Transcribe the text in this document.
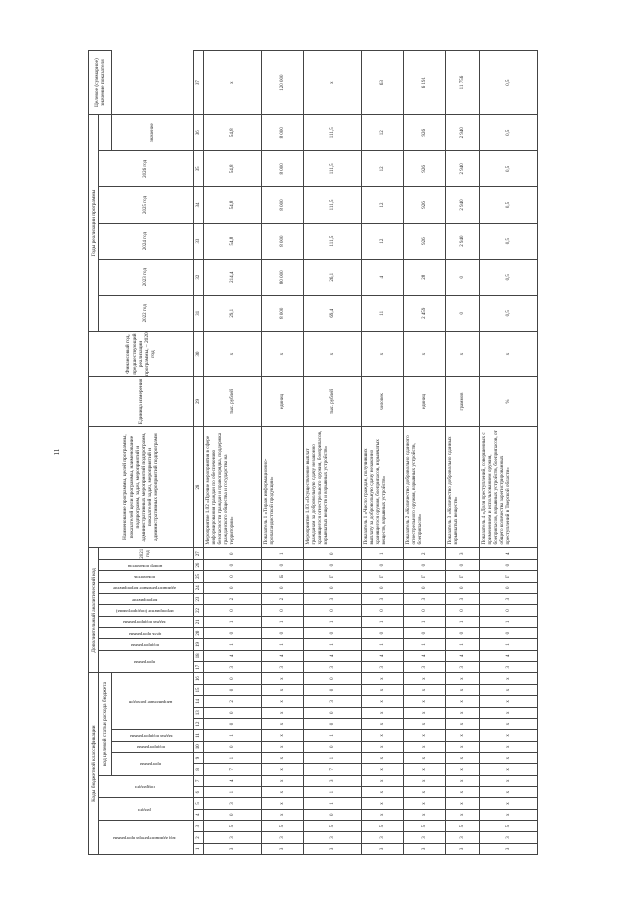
11
Коды бюджетной классификации																Дополнительный аналитический код											Наименование программы, целей программы, показателей цели программы, наименование подпрограмм, задач, мероприятий и административных мероприятий подпрограмм, показателей задач, мероприятий и административных мероприятий подпрограмм	Единица измерения	Финансовый год, предшествующий реализации программы, – 2020 год	Годы реализации программы						Целевое (суммарное) значение показателя
код администратора программы			раздел		подраздел		код целевой статьи расхода бюджета									программа		подпрограмма	цель программы	задача подпрограммы	мероприятие (подпрограмма)	мероприятие	административное мероприятие	показатель	номер показателя	2021 год				2022 год	2023 год	2024 год	2025 год	2026 год		
							программа		подпрограмма	задача подпрограммы	направление расходов																								значение	
1	2	3	4	5	6	7	8	9	10	11	12	13	14	15	16	17	18	19	20	21	22	23	24	25	26	27	28	29	30	31	32	33	34	35	36	37
3	3	5	0	3	1	4	7	1	0	1	0	0	2	0	0	3	4	1	0	1	0	2	0	0	0	0	Мероприятие 1.02 «Прочие мероприятия в сфере информирования граждан по обеспечению безопасности граждан и правопорядка, поддержка гражданского общества и государства на территории»	тыс. рублей	х	29,1	214,4	54,8	54,8	54,8	54,8	х
3	3	5	х	х	х	х	х	х	х	х	х	х	х	х	х	3	4	1	0	1	0	2	0	Б	0	1	Показатель 1 «Тираж информационно-пропагандистской продукции»	единиц	х	8 000	80 000	8 000	8 000	8 000	8 000	120 000
3	3	5	0	1	1	3	7	1	0	1	0	0	3	0	0	3	4	1	0	1	0	3	0	Г	0	0	Мероприятие 1.03 «Осуществление выплат гражданам за добровольную сдачу незаконно хранящегося огнестрельного оружия, боеприпасов, взрывчатых веществ и взрывных устройств»	тыс. рублей	х	69,4	26,1	111,5	111,5	111,5	111,5	х
3	3	5	х	х	х	х	х	х	х	х	х	х	х	х	х	3	4	1	0	1	0	3	0	Г	0	1	Показатель 1 «Число граждан, получивших выплату за добровольную сдачу незаконно хранящегося оружия, боеприпасов, взрывчатых веществ, взрывных устройств»	человек	х	11	4	12	12	12	12	63
3	3	5	х	х	х	х	х	х	х	х	х	х	х	х	х	3	4	1	0	1	0	3	0	Г	0	2	Показатель 2 «Количество добровольно сданного огнестрельного оружия, взрывных устройств, боеприпасов»	единиц	х	2 459	28	926	926	926	926	6 191
3	3	5	х	х	х	х	х	х	х	х	х	х	х	х	х	3	4	1	0	1	0	3	0	Г	0	3	Показатель 3 «Количество добровольно сданных взрывчатых веществ»	граммов	х	0	0	2 940	2 940	2 940	2 940	11 756
3	3	5	х	х	х	х	х	х	х	х	х	х	х	х	х	3	4	1	0	1	0	3	0	Г	0	4	Показатель 4 «Доля преступлений, совершенных с применением и использованием оружия, боеприпасов, взрывных устройств, боеприпасов, от общего количества зарегистрированных преступлений в Тверской области»	%	х	0,5	0,5	0,5	0,5	0,5	0,5	0,5
